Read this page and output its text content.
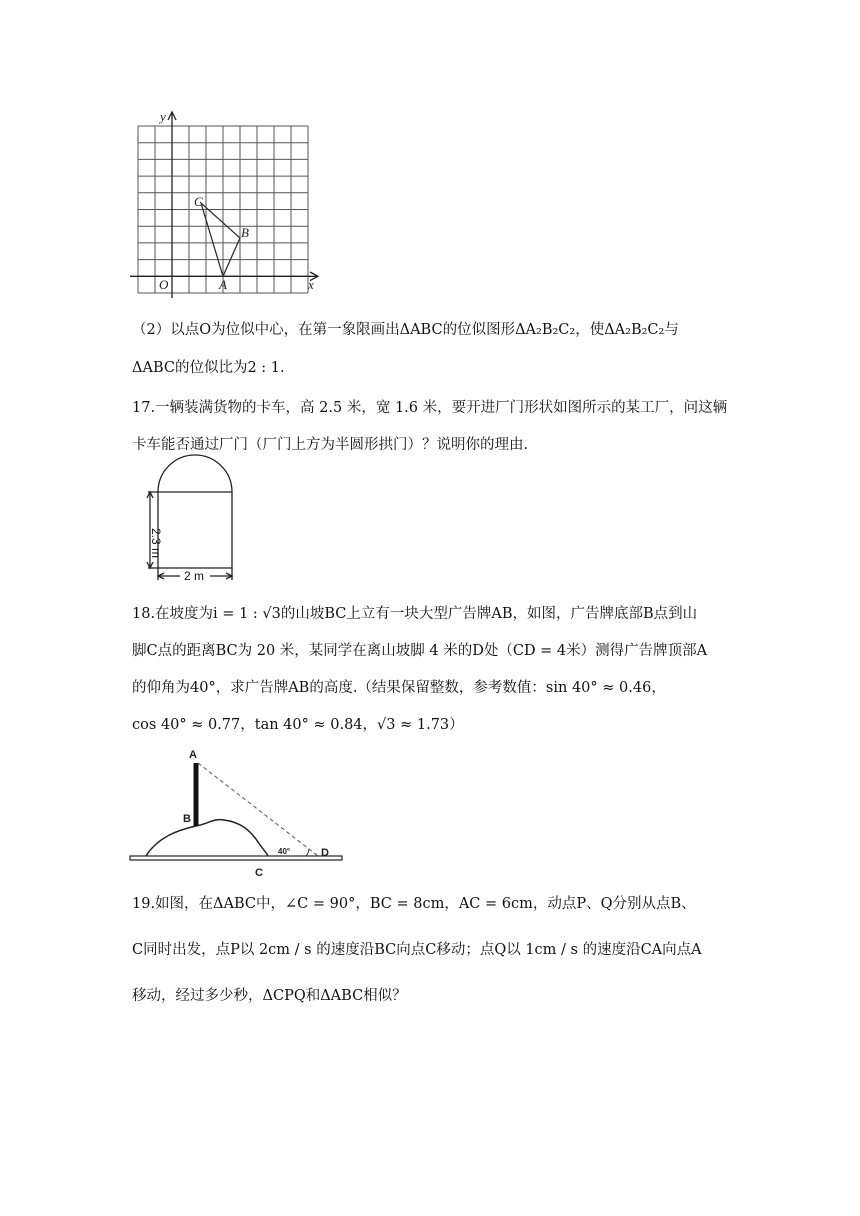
y
x
O	A
B
C
（2）以点O为位似中心，在第一象限画出ΔABC的位似图形ΔA₂B₂C₂，使ΔA₂B₂C₂与
ΔABC的位似比为2 : 1.
17.一辆装满货物的卡车，高 2.5 米，宽 1.6 米，要开进厂门形状如图所示的某工厂，问这辆
卡车能否通过厂门（厂门上方为半圆形拱门）？说明你的理由.
2.3 m
2 m
18.在坡度为i = 1 : √3的山坡BC上立有一块大型广告牌AB，如图，广告牌底部B点到山
脚C点的距离BC为 20 米，某同学在离山坡脚 4 米的D处（CD = 4米）测得广告牌顶部A
的仰角为40°，求广告牌AB的高度.（结果保留整数，参考数值：sin 40° ≈ 0.46，
cos 40° ≈ 0.77，tan 40° ≈ 0.84，√3 ≈ 1.73）
A
B
C
D
40°
19.如图，在ΔABC中，∠C = 90°，BC = 8cm，AC = 6cm，动点P、Q分别从点B、
C同时出发，点P以 2cm / s 的速度沿BC向点C移动；点Q以 1cm / s 的速度沿CA向点A
移动，经过多少秒，ΔCPQ和ΔABC相似？
